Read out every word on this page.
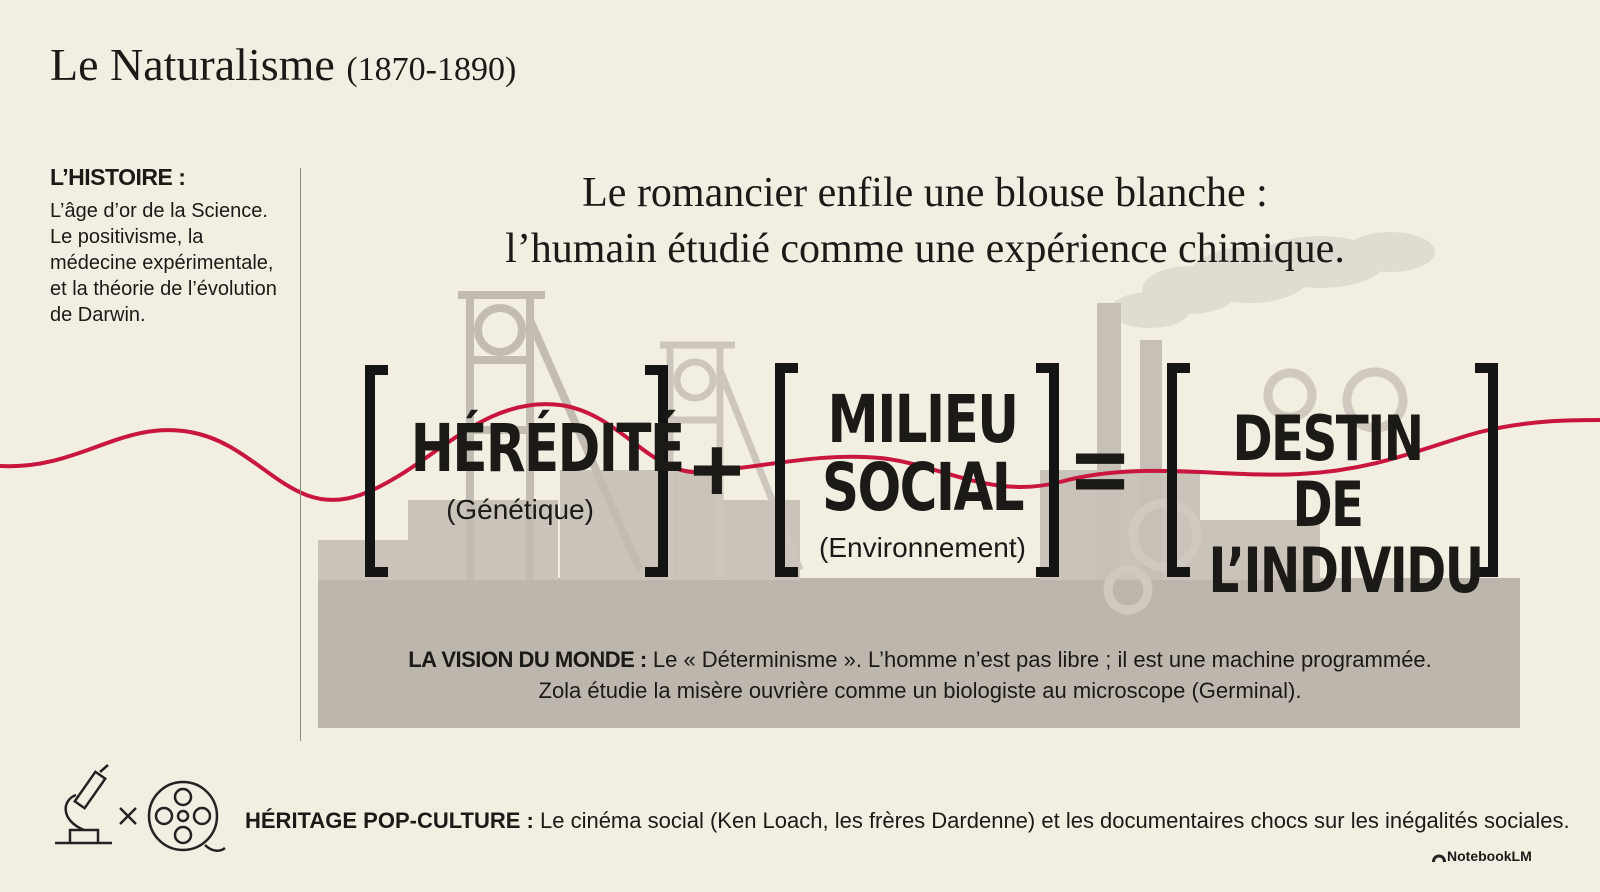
Le Naturalisme (1870-1890)
L’HISTOIRE :
L’âge d’or de la Science. Le positivisme, la médecine expérimentale, et la théorie de l’évolution de Darwin.
Le romancier enfile une blouse blanche :
l’humain étudié comme une expérience chimique.
HÉRÉDITÉ
(Génétique)	+ MILIEU SOCIAL
(Environnement)
=	DESTIN DE L’INDIVIDU
LA VISION DU MONDE : Le « Déterminisme ». L’homme n’est pas libre ; il est une machine programmée.
Zola étudie la misère ouvrière comme un biologiste au microscope (Germinal).
HÉRITAGE POP-CULTURE : Le cinéma social (Ken Loach, les frères Dardenne) et les documentaires chocs sur les inégalités sociales.
NotebookLM
